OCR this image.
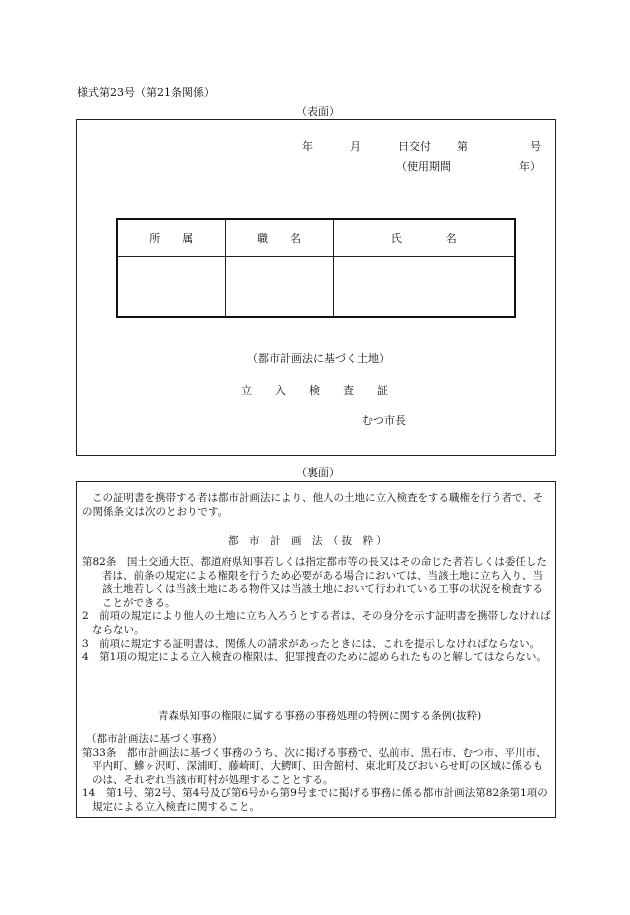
様式第23号（第21条関係）
（表面）
年	月	日交付 第	号
（使用期間	年）
所　　属	職　　名	氏　　　　名

（都市計画法に基づく土地）
立　入　検　査　証
むつ市長
（裏面）
この証明書を携帯する者は都市計画法により、他人の土地に立入検査をする職権を行う者で、その関係条文は次のとおりです。
都　市　計　画　法　（ 抜　粋 ）
第82条　国土交通大臣、都道府県知事若しくは指定都市等の長又はその命じた者若しくは委任した者は、前条の規定による権限を行うため必要がある場合においては、当該土地に立ち入り、当該土地若しくは当該土地にある物件又は当該土地において行われている工事の状況を検査することができる。
2　前項の規定により他人の土地に立ち入ろうとする者は、その身分を示す証明書を携帯しなければならない。
3　前項に規定する証明書は、関係人の請求があったときには、これを提示しなければならない。
4　第1項の規定による立入検査の権限は、犯罪捜査のために認められたものと解してはならない。
青森県知事の権限に属する事務の事務処理の特例に関する条例(抜粋)
（都市計画法に基づく事務）
第33条　都市計画法に基づく事務のうち、次に掲げる事務で、弘前市、黒石市、むつ市、平川市、平内町、鰺ヶ沢町、深浦町、藤崎町、大鰐町、田舎館村、東北町及びおいらせ町の区域に係るものは、それぞれ当該市町村が処理することとする。
14　第1号、第2号、第4号及び第6号から第9号までに掲げる事務に係る都市計画法第82条第1項の規定による立入検査に関すること。
